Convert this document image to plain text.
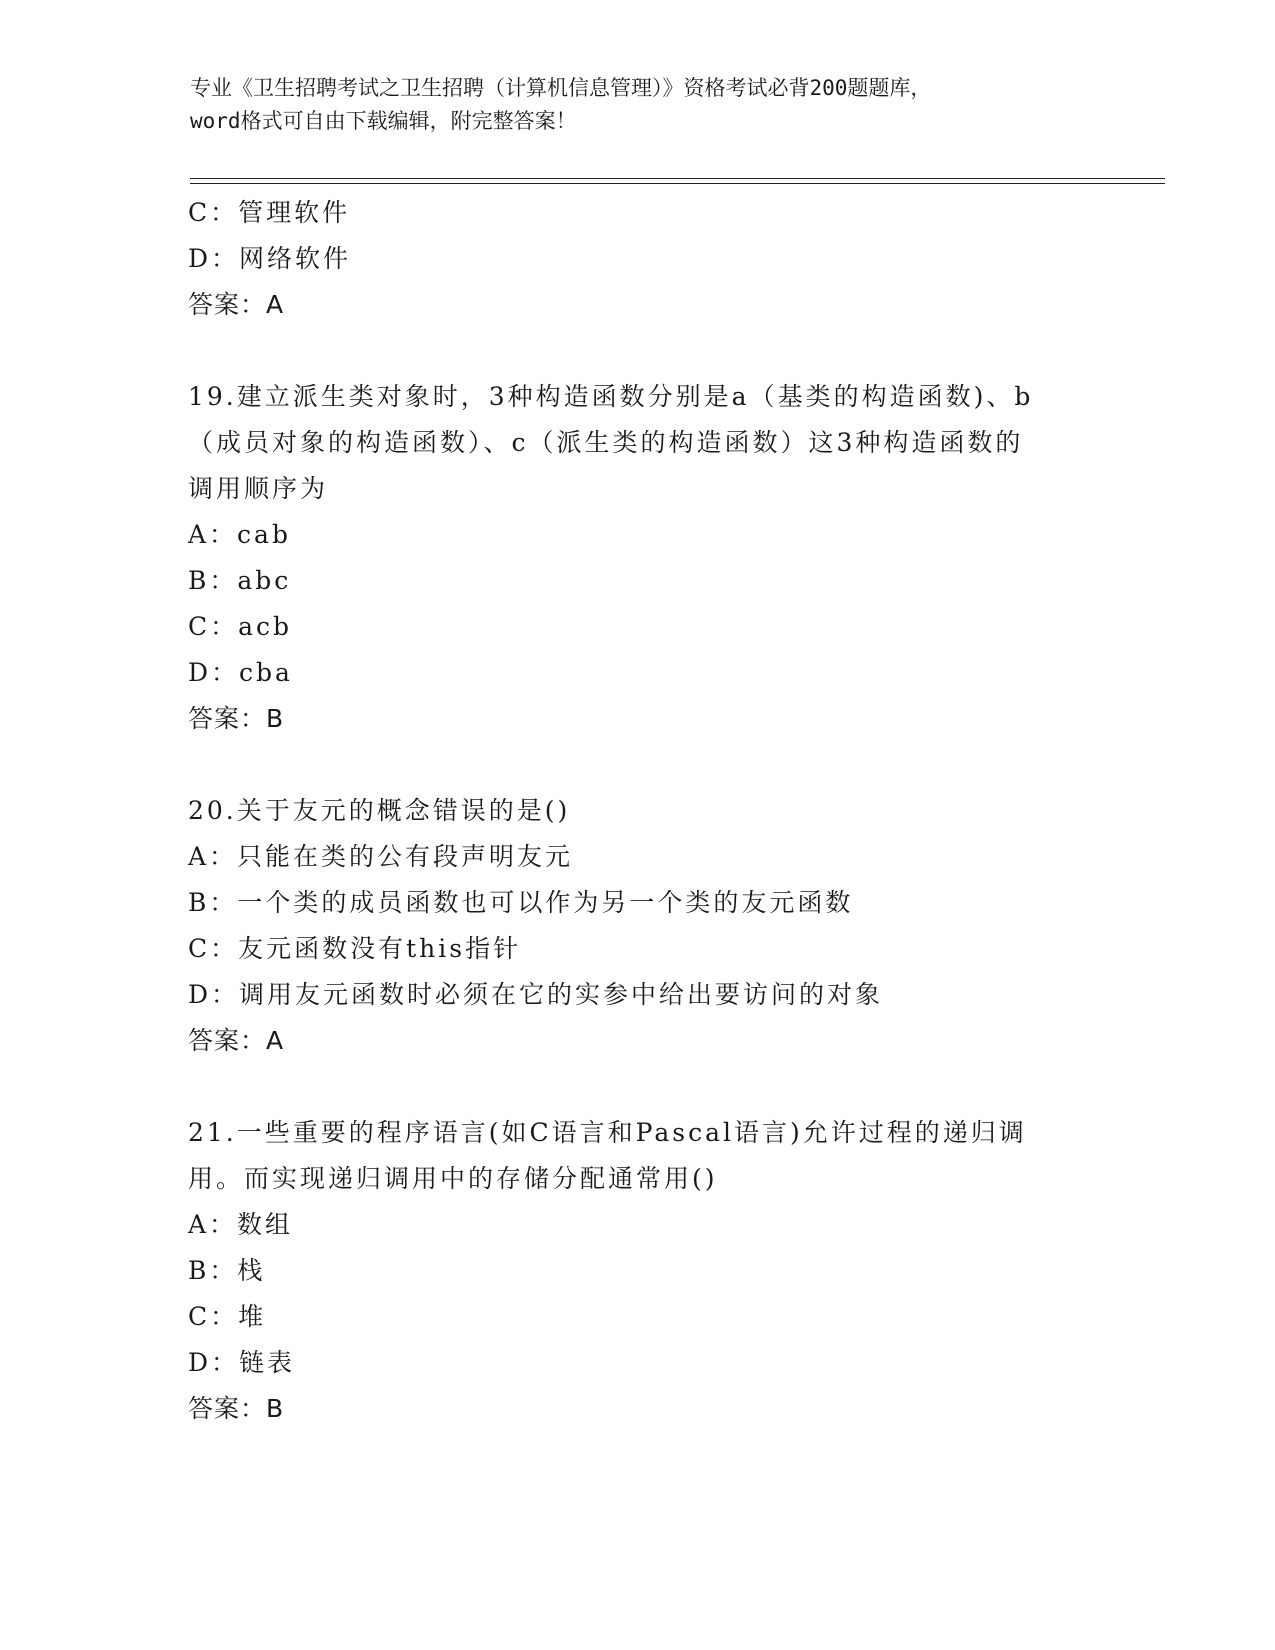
专业《卫生招聘考试之卫生招聘（计算机信息管理）》资格考试必背200题题库，
word格式可自由下载编辑，附完整答案！
C：管理软件
D：网络软件
答案：A
19.建立派生类对象时，3种构造函数分别是a（基类的构造函数)、b
（成员对象的构造函数）、c（派生类的构造函数）这3种构造函数的
调用顺序为
A：cab
B：abc
C：acb
D：cba
答案：B
20.关于友元的概念错误的是()
A：只能在类的公有段声明友元
B：一个类的成员函数也可以作为另一个类的友元函数
C：友元函数没有this指针
D：调用友元函数时必须在它的实参中给出要访问的对象
答案：A
21.一些重要的程序语言(如C语言和Pascal语言)允许过程的递归调
用。而实现递归调用中的存储分配通常用()
A：数组
B：栈
C：堆
D：链表
答案：B
